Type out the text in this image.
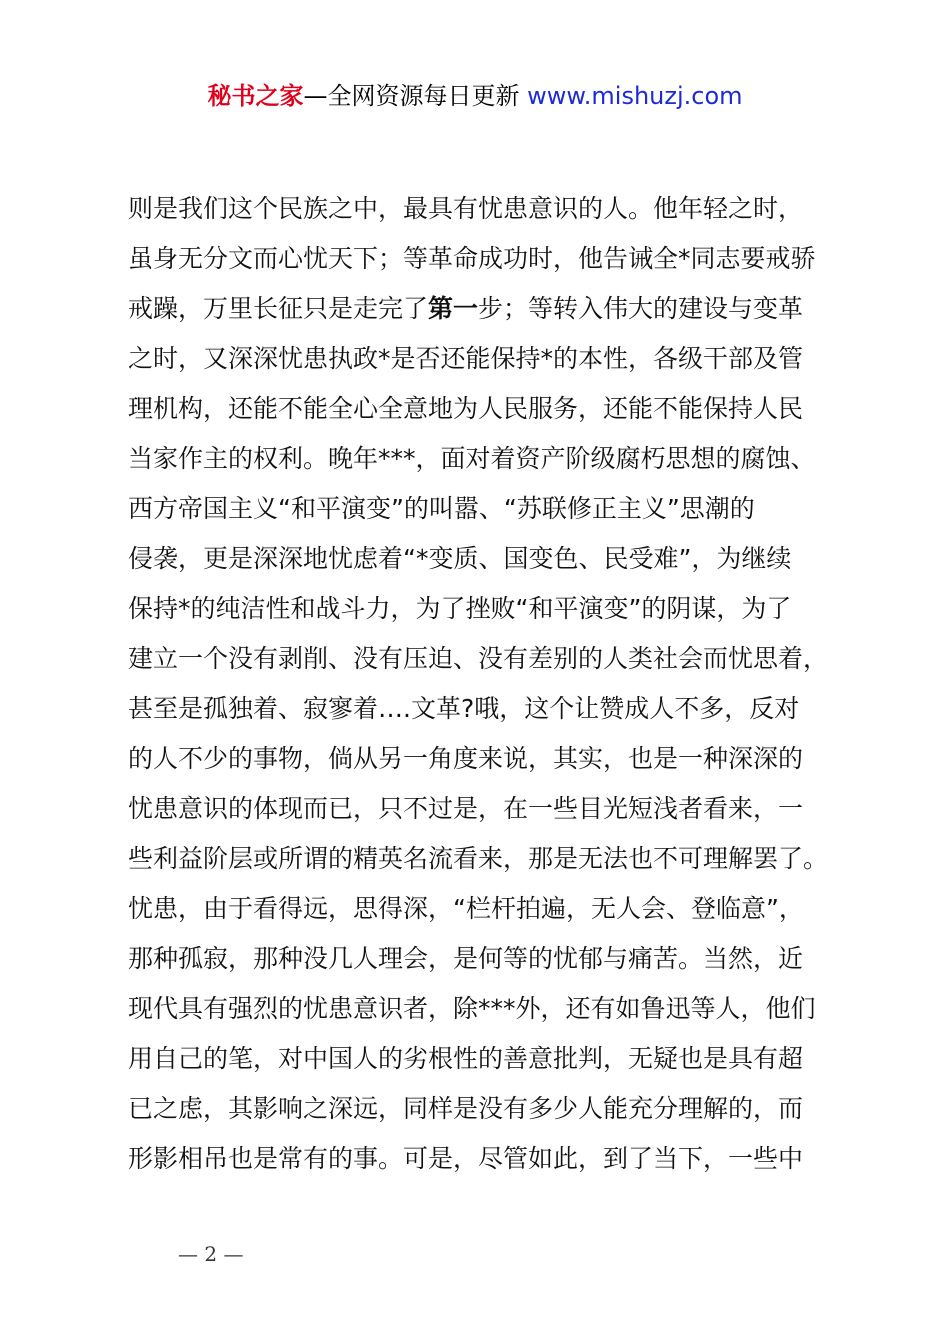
秘书之家—全网资源每日更新 www.mishuzj.com
则是我们这个民族之中，最具有忧患意识的人。他年轻之时，
虽身无分文而心忧天下；等革命成功时，他告诫全*同志要戒骄
戒躁，万里长征只是走完了第一步；等转入伟大的建设与变革
之时，又深深忧患执政*是否还能保持*的本性，各级干部及管
理机构，还能不能全心全意地为人民服务，还能不能保持人民
当家作主的权利。晚年***，面对着资产阶级腐朽思想的腐蚀、
西方帝国主义“和平演变”的叫嚣、“苏联修正主义”思潮的
侵袭，更是深深地忧虑着“*变质、国变色、民受难”，为继续
保持*的纯洁性和战斗力，为了挫败“和平演变”的阴谋，为了
建立一个没有剥削、没有压迫、没有差别的人类社会而忧思着，
甚至是孤独着、寂寥着….文革?哦，这个让赞成人不多，反对
的人不少的事物，倘从另一角度来说，其实，也是一种深深的
忧患意识的体现而已，只不过是，在一些目光短浅者看来，一
些利益阶层或所谓的精英名流看来，那是无法也不可理解罢了。
忧患，由于看得远，思得深，“栏杆拍遍，无人会、登临意”，
那种孤寂，那种没几人理会，是何等的忧郁与痛苦。当然，近
现代具有强烈的忧患意识者，除***外，还有如鲁迅等人，他们
用自己的笔，对中国人的劣根性的善意批判，无疑也是具有超
已之虑，其影响之深远，同样是没有多少人能充分理解的，而
形影相吊也是常有的事。可是，尽管如此，到了当下，一些中
— 2 —
